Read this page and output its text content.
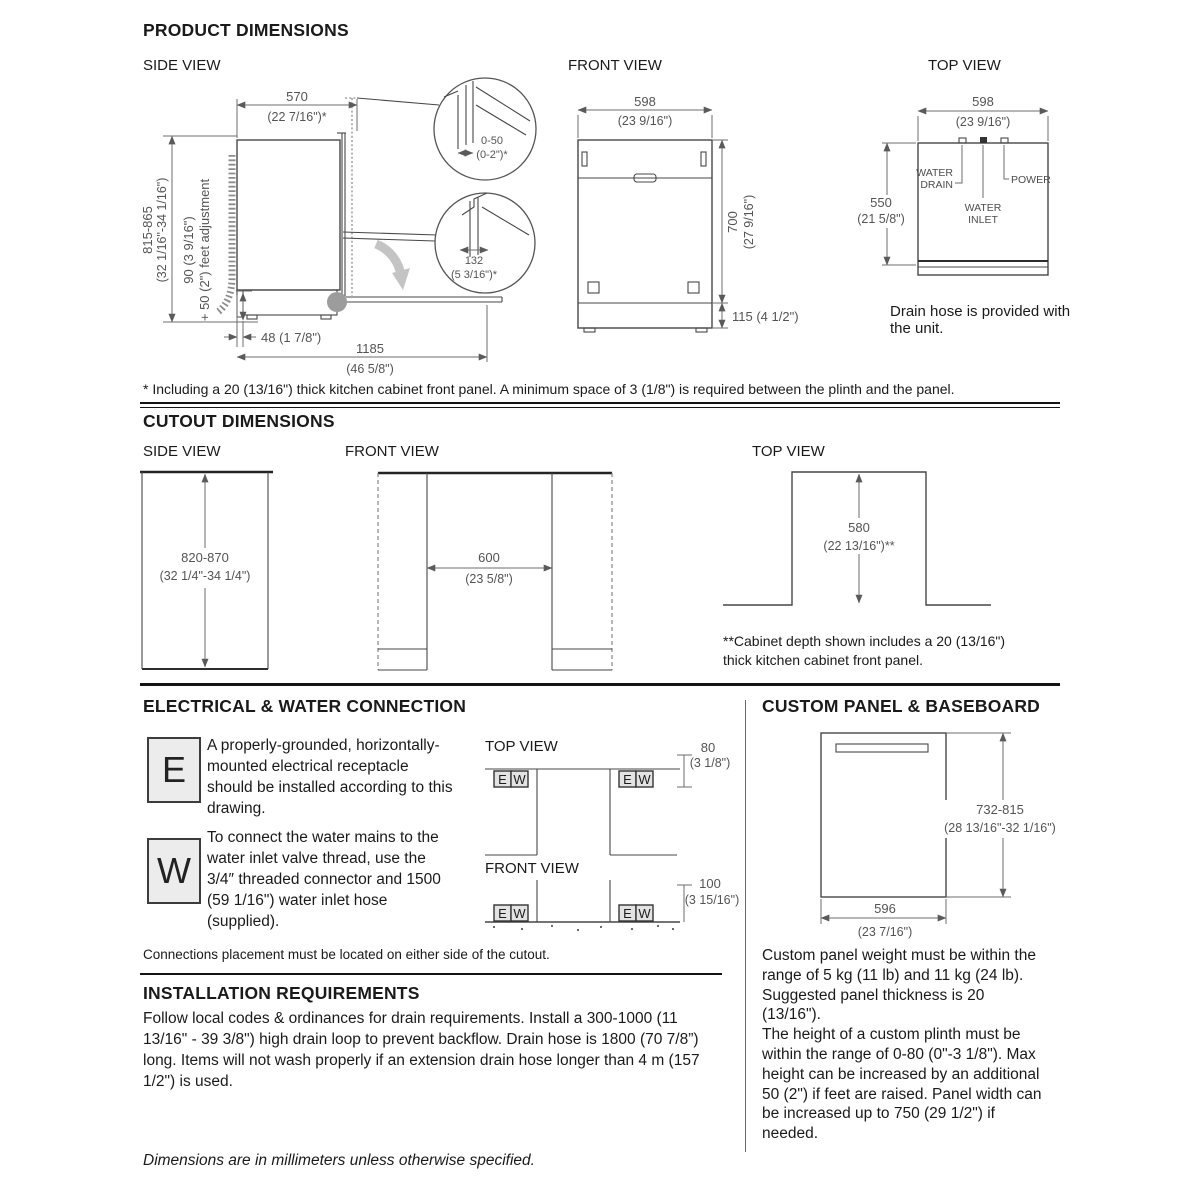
PRODUCT DIMENSIONS
SIDE VIEW	FRONT VIEW	TOP VIEW
570
(22 7/16")*
815-865 (32 1/16"-34 1/16") 90 (3 9/16") + 50 (2") feet adjustment
48 (1 7/8")
1185
(46 5/8")
0-50
(0-2")*
132
(5 3/16")*
598
(23 9/16")
700 (27 9/16")
115 (4 1/2")
WATER
DRAIN	POWER
WATER
INLET
598
(23 9/16")
550
(21 5/8")
Drain hose is provided with the unit.
* Including a 20 (13/16") thick kitchen cabinet front panel. A minimum space of 3 (1/8") is required between the plinth and the panel.
CUTOUT DIMENSIONS
SIDE VIEW	FRONT VIEW	TOP VIEW
820-870
(32 1/4"-34 1/4")
600
(23 5/8")
580
(22 13/16")**
**Cabinet depth shown includes a 20 (13/16") thick kitchen cabinet front panel.
ELECTRICAL & WATER CONNECTION	CUSTOM PANEL & BASEBOARD
E
A properly-grounded, horizontally-mounted electrical receptacle should be installed according to this drawing.
W
To connect the water mains to the water inlet valve thread, use the 3/4″ threaded connector and 1500 (59 1/16") water inlet hose (supplied).
TOP VIEW
E W	E W
80
(3 1/8")
FRONT VIEW
E W	E W
100
(3 15/16")
Connections placement must be located on either side of the cutout.
INSTALLATION REQUIREMENTS
Follow local codes & ordinances for drain requirements. Install a 300-1000 (11 13/16" - 39 3/8") high drain loop to prevent backflow. Drain hose is 1800 (70 7/8”) long. Items will not wash properly if an extension drain hose longer than 4 m (157 1/2") is used.
732-815
(28 13/16"-32 1/16")
596
(23 7/16")
Custom panel weight must be within the range of 5 kg (11 lb) and 11 kg (24 lb). Suggested panel thickness is 20 (13/16").
The height of a custom plinth must be within the range of 0-80 (0"-3 1/8"). Max height can be increased by an additional 50 (2") if feet are raised. Panel width can be increased up to 750 (29 1/2") if needed.
Dimensions are in millimeters unless otherwise specified.
